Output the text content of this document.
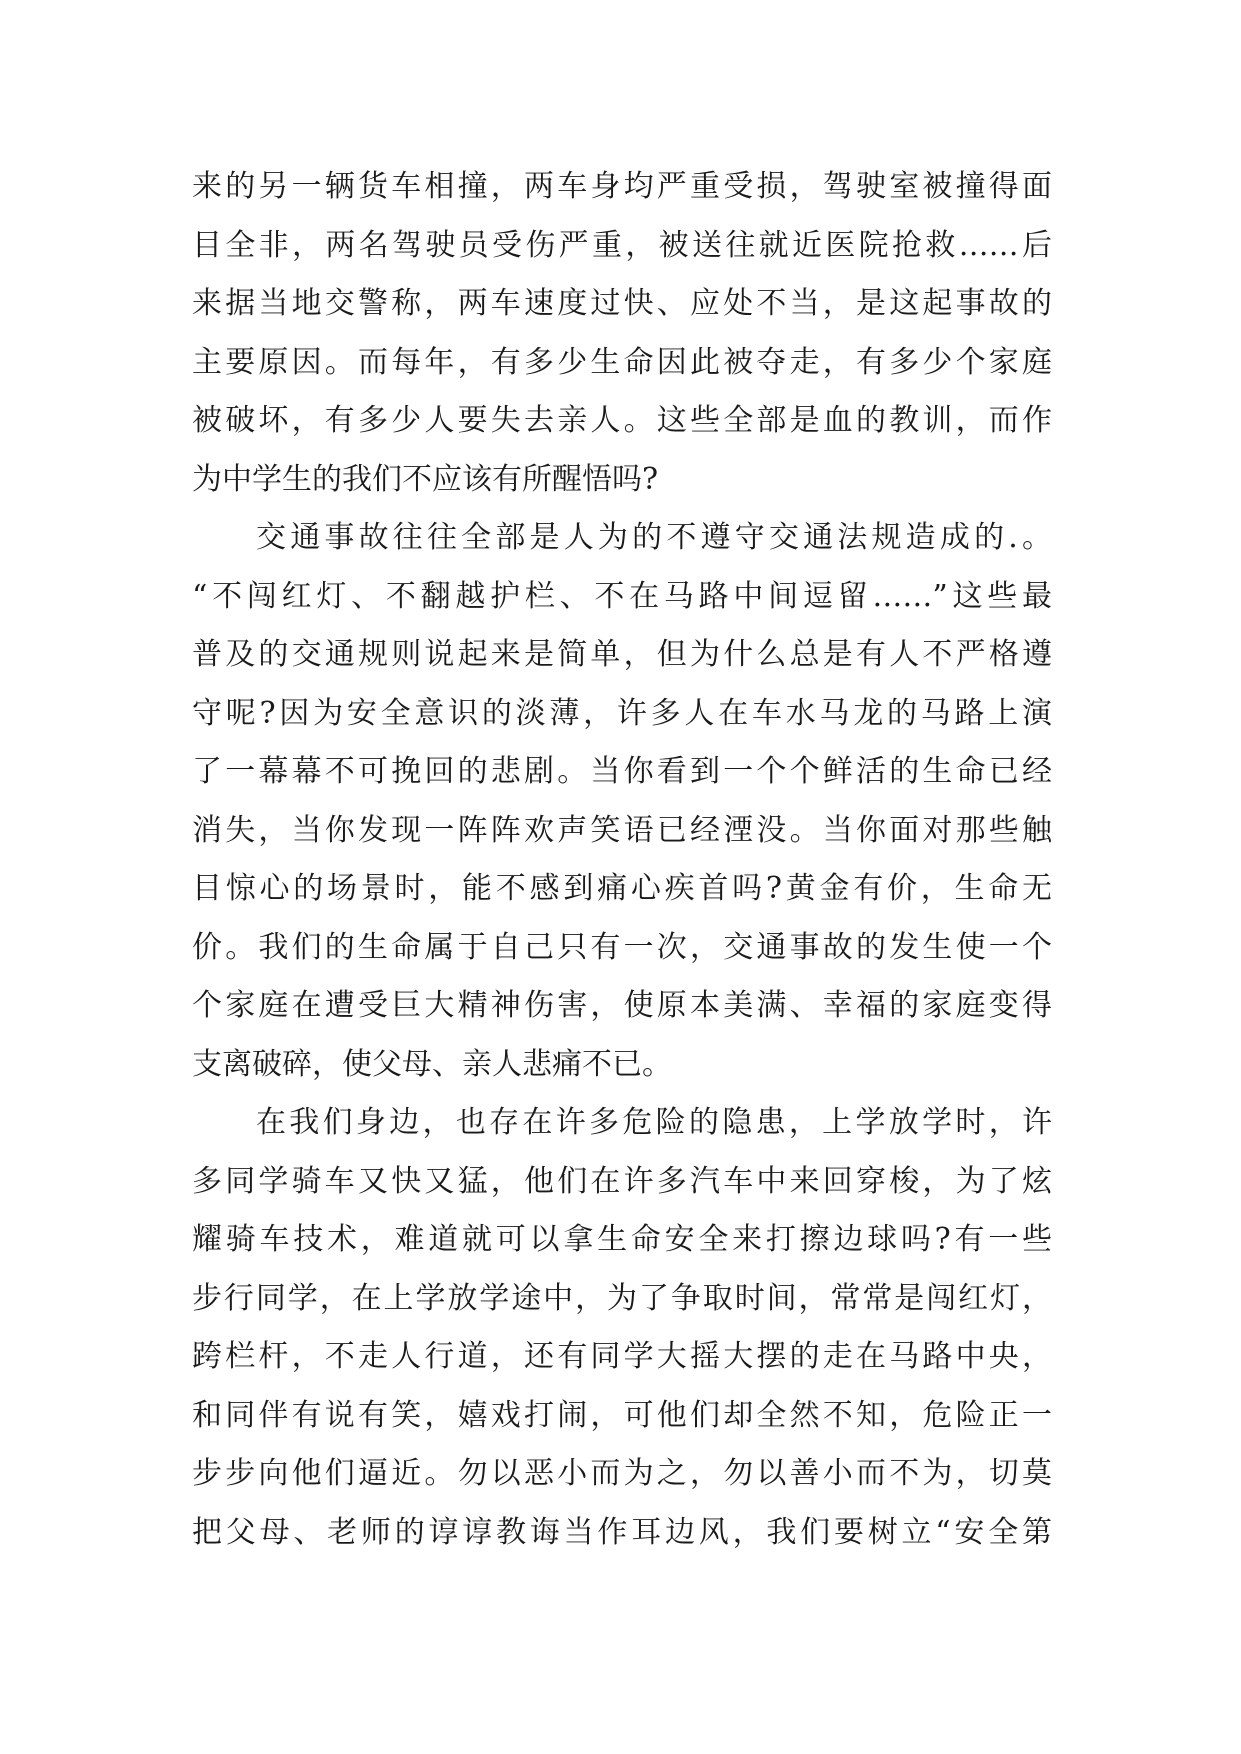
来的另一辆货车相撞，两车身均严重受损，驾驶室被撞得面
目全非，两名驾驶员受伤严重，被送往就近医院抢救……后
来据当地交警称，两车速度过快、应处不当，是这起事故的
主要原因。而每年，有多少生命因此被夺走，有多少个家庭
被破坏，有多少人要失去亲人。这些全部是血的教训，而作
为中学生的我们不应该有所醒悟吗?
交通事故往往全部是人为的不遵守交通法规造成的.。
“不闯红灯、不翻越护栏、不在马路中间逗留……”这些最
普及的交通规则说起来是简单，但为什么总是有人不严格遵
守呢?因为安全意识的淡薄，许多人在车水马龙的马路上演
了一幕幕不可挽回的悲剧。当你看到一个个鲜活的生命已经
消失，当你发现一阵阵欢声笑语已经湮没。当你面对那些触
目惊心的场景时，能不感到痛心疾首吗?黄金有价，生命无
价。我们的生命属于自己只有一次，交通事故的发生使一个
个家庭在遭受巨大精神伤害，使原本美满、幸福的家庭变得
支离破碎，使父母、亲人悲痛不已。
在我们身边，也存在许多危险的隐患，上学放学时，许
多同学骑车又快又猛，他们在许多汽车中来回穿梭，为了炫
耀骑车技术，难道就可以拿生命安全来打擦边球吗?有一些
步行同学，在上学放学途中，为了争取时间，常常是闯红灯，
跨栏杆，不走人行道，还有同学大摇大摆的走在马路中央，
和同伴有说有笑，嬉戏打闹，可他们却全然不知，危险正一
步步向他们逼近。勿以恶小而为之，勿以善小而不为，切莫
把父母、老师的谆谆教诲当作耳边风，我们要树立“安全第
